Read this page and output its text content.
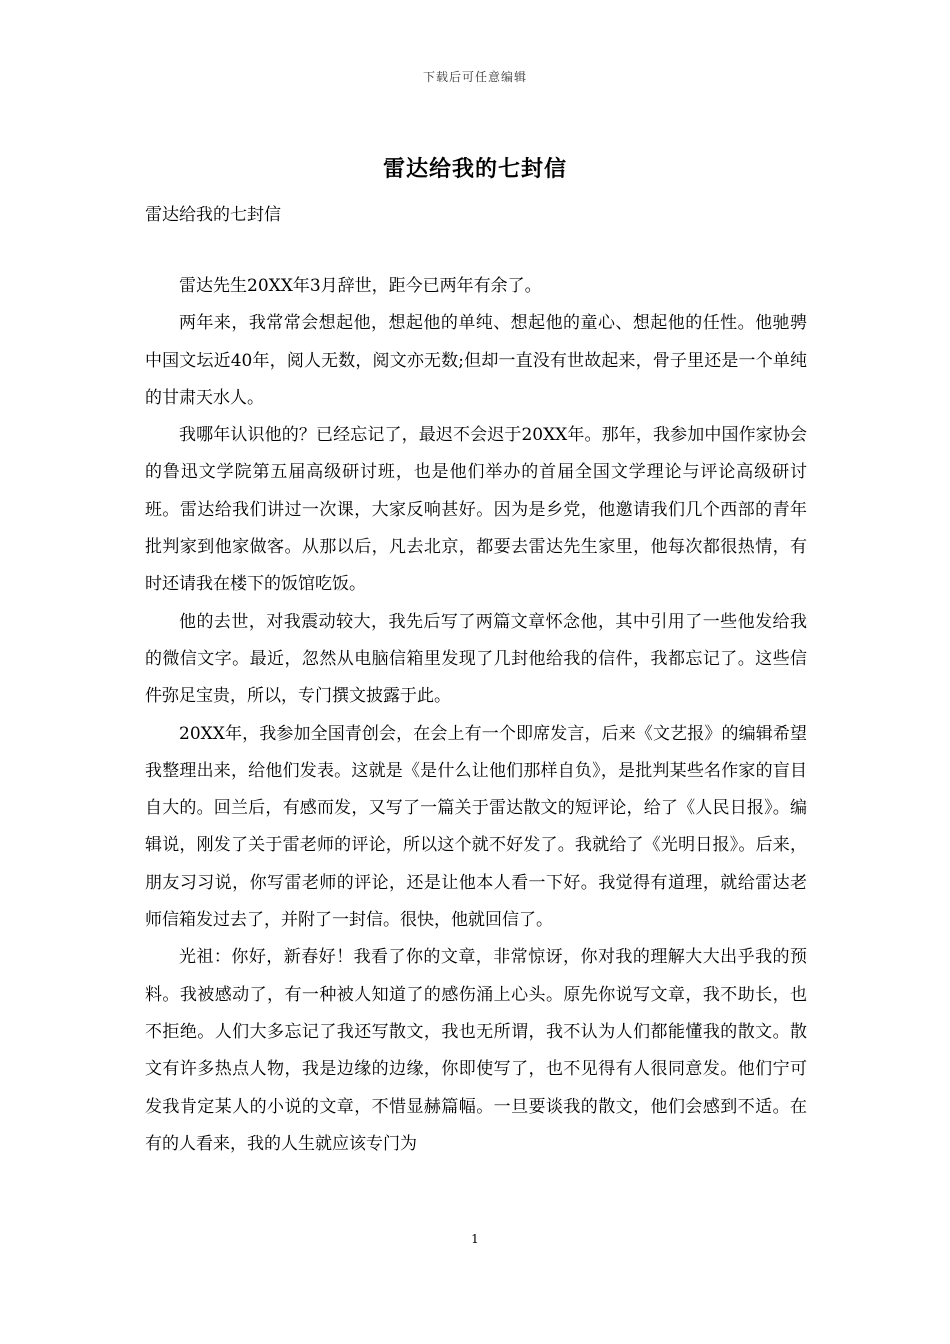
下载后可任意编辑
雷达给我的七封信

雷达给我的七封信

雷达先生20XX年3月辞世，距今已两年有余了。

两年来，我常常会想起他，想起他的单纯、想起他的童心、想起他的任性。他驰骋中国文坛近40年，阅人无数，阅文亦无数;但却一直没有世故起来，骨子里还是一个单纯的甘肃天水人。

我哪年认识他的？已经忘记了，最迟不会迟于20XX年。那年，我参加中国作家协会的鲁迅文学院第五届高级研讨班，也是他们举办的首届全国文学理论与评论高级研讨班。雷达给我们讲过一次课，大家反响甚好。因为是乡党，他邀请我们几个西部的青年批判家到他家做客。从那以后，凡去北京，都要去雷达先生家里，他每次都很热情，有时还请我在楼下的饭馆吃饭。

他的去世，对我震动较大，我先后写了两篇文章怀念他，其中引用了一些他发给我的微信文字。最近，忽然从电脑信箱里发现了几封他给我的信件，我都忘记了。这些信件弥足宝贵，所以，专门撰文披露于此。

20XX年，我参加全国青创会，在会上有一个即席发言，后来《文艺报》的编辑希望我整理出来，给他们发表。这就是《是什么让他们那样自负》，是批判某些名作家的盲目自大的。回兰后，有感而发，又写了一篇关于雷达散文的短评论，给了《人民日报》。编辑说，刚发了关于雷老师的评论，所以这个就不好发了。我就给了《光明日报》。后来，朋友习习说，你写雷老师的评论，还是让他本人看一下好。我觉得有道理，就给雷达老师信箱发过去了，并附了一封信。很快，他就回信了。

光祖：你好，新春好！我看了你的文章，非常惊讶，你对我的理解大大出乎我的预料。我被感动了，有一种被人知道了的感伤涌上心头。原先你说写文章，我不助长，也不拒绝。人们大多忘记了我还写散文，我也无所谓，我不认为人们都能懂我的散文。散文有许多热点人物，我是边缘的边缘，你即使写了，也不见得有人很同意发。他们宁可发我肯定某人的小说的文章，不惜显赫篇幅。一旦要谈我的散文，他们会感到不适。在有的人看来，我的人生就应该专门为

1
